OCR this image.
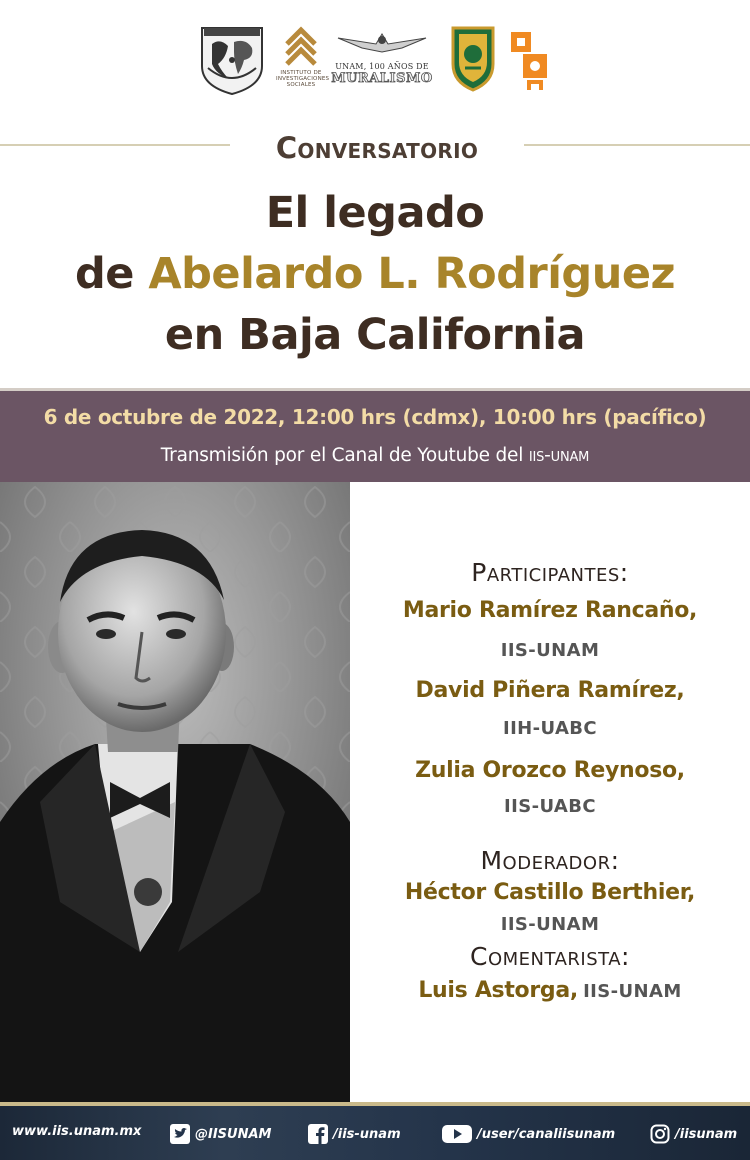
INSTITUTO DE
INVESTIGACIONES
SOCIALES
UNAM, 100 AÑOS DE
MURALISMO
Conversatorio
El legado
de Abelardo L. Rodríguez
en Baja California
6 de octubre de 2022, 12:00 hrs (cdmx), 10:00 hrs (pacífico)
Transmisión por el Canal de Youtube del iis-unam
Participantes:
Mario Ramírez Rancaño,
IIS-UNAM
David Piñera Ramírez,
IIH-UABC
Zulia Orozco Reynoso,
IIS-UABC
Moderador:
Héctor Castillo Berthier,
IIS-UNAM
Comentarista:
Luis Astorga, IIS-UNAM
www.iis.unam.mx	@IISUNAM	/iis-unam	/user/canaliisunam	/iisunam
